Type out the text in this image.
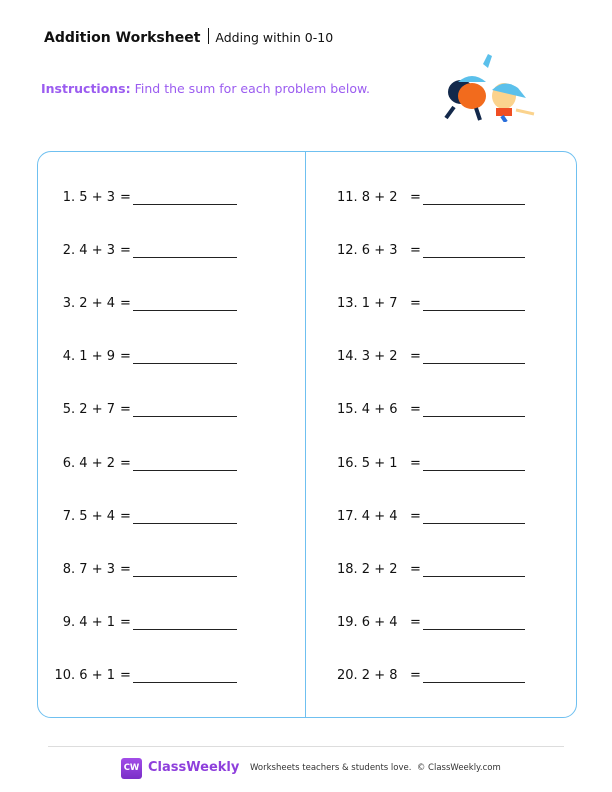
Addition Worksheet Adding within 0-10
Instructions: Find the sum for each problem below.
1. 5 + 3 =	11. 8 + 2 =
2. 4 + 3 =	12. 6 + 3 =
3. 2 + 4 =	13. 1 + 7 =
4. 1 + 9 =	14. 3 + 2 =
5. 2 + 7 =	15. 4 + 6 =
6. 4 + 2 =	16. 5 + 1 =
7. 5 + 4 =	17. 4 + 4 =
8. 7 + 3 =	18. 2 + 2 =
9. 4 + 1 =	19. 6 + 4 =
10. 6 + 1 =	20. 2 + 8 =
CW ClassWeekly Worksheets teachers & students love. © ClassWeekly.com
